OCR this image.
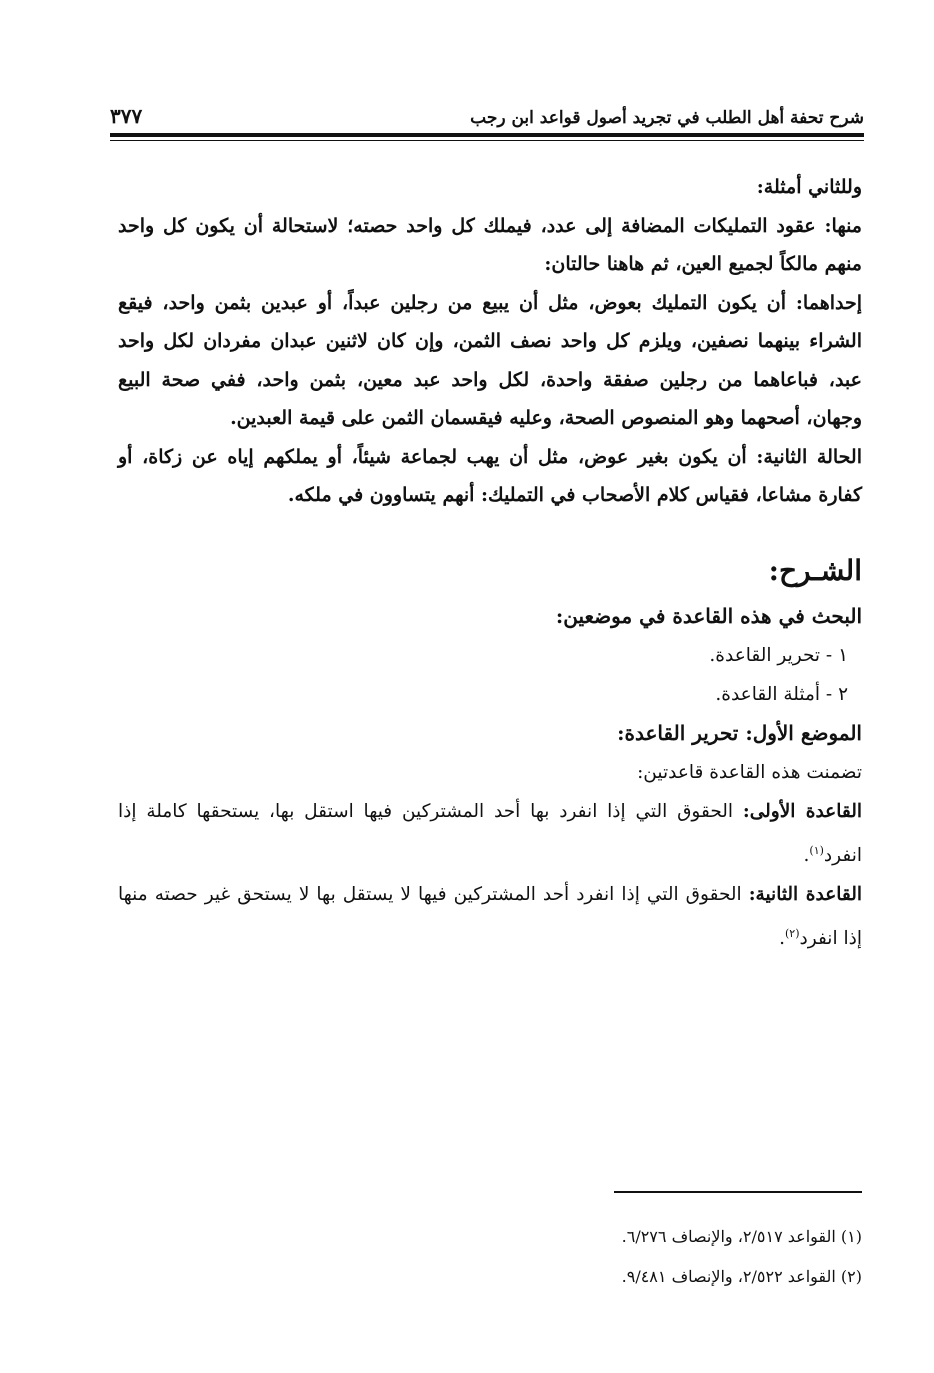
شرح تحفة أهل الطلب في تجريد أصول قواعد ابن رجب
٣٧٧

وللثاني أمثلة:

منها: عقود التمليكات المضافة إلى عدد، فيملك كل واحد حصته؛ لاستحالة أن يكون كل واحد منهم مالكاً لجميع العين، ثم هاهنا حالتان:

إحداهما: أن يكون التمليك بعوض، مثل أن يبيع من رجلين عبداً، أو عبدين بثمن واحد، فيقع الشراء بينهما نصفين، ويلزم كل واحد نصف الثمن، وإن كان لاثنين عبدان مفردان لكل واحد عبد، فباعاهما من رجلين صفقة واحدة، لكل واحد عبد معين، بثمن واحد، ففي صحة البيع وجهان، أصحهما وهو المنصوص الصحة، وعليه فيقسمان الثمن على قيمة العبدين.

الحالة الثانية: أن يكون بغير عوض، مثل أن يهب لجماعة شيئاً، أو يملكهم إياه عن زكاة، أو كفارة مشاعا، فقياس كلام الأصحاب في التمليك: أنهم يتساوون في ملكه.

الشـرح:
البحث في هذه القاعدة في موضعين:

١ - تحرير القاعدة.

٢ - أمثلة القاعدة.

الموضع الأول: تحرير القاعدة:

تضمنت هذه القاعدة قاعدتين:

القاعدة الأولى: الحقوق التي إذا انفرد بها أحد المشتركين فيها استقل بها، يستحقها كاملة إذا انفرد$^{(١)}$.

القاعدة الثانية: الحقوق التي إذا انفرد أحد المشتركين فيها لا يستقل بها لا يستحق غير حصته منها إذا انفرد$^{(٢)}$.

(١) القواعد ٢/٥١٧، والإنصاف ٦/٢٧٦.
(٢) القواعد ٢/٥٢٢، والإنصاف ٩/٤٨١.
